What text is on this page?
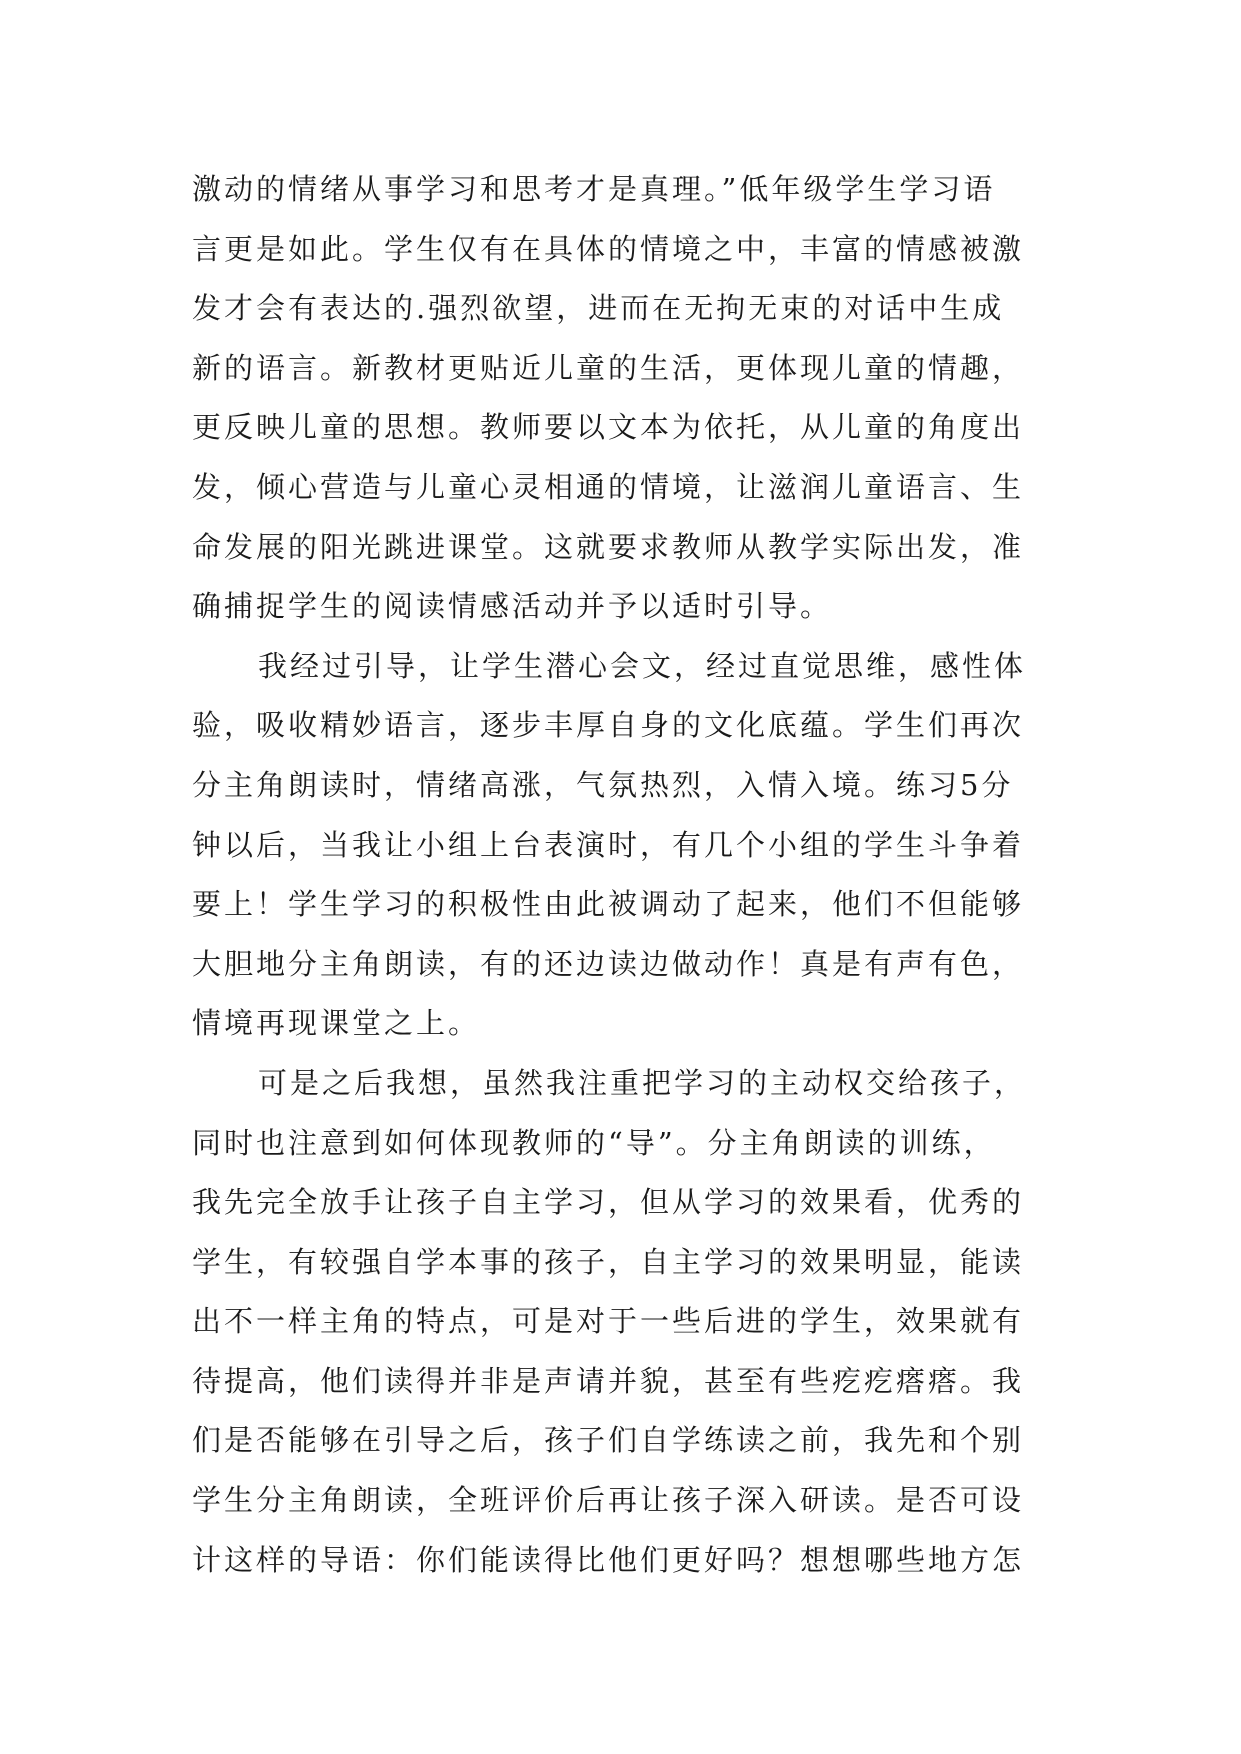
激动的情绪从事学习和思考才是真理。”低年级学生学习语
言更是如此。学生仅有在具体的情境之中，丰富的情感被激
发才会有表达的.强烈欲望，进而在无拘无束的对话中生成
新的语言。新教材更贴近儿童的生活，更体现儿童的情趣，
更反映儿童的思想。教师要以文本为依托，从儿童的角度出
发，倾心营造与儿童心灵相通的情境，让滋润儿童语言、生
命发展的阳光跳进课堂。这就要求教师从教学实际出发，准
确捕捉学生的阅读情感活动并予以适时引导。
我经过引导，让学生潜心会文，经过直觉思维，感性体
验，吸收精妙语言，逐步丰厚自身的文化底蕴。学生们再次
分主角朗读时，情绪高涨，气氛热烈，入情入境。练习5分
钟以后，当我让小组上台表演时，有几个小组的学生斗争着
要上！学生学习的积极性由此被调动了起来，他们不但能够
大胆地分主角朗读，有的还边读边做动作！真是有声有色，
情境再现课堂之上。
可是之后我想，虽然我注重把学习的主动权交给孩子，
同时也注意到如何体现教师的“导”。分主角朗读的训练，
我先完全放手让孩子自主学习，但从学习的效果看，优秀的
学生，有较强自学本事的孩子，自主学习的效果明显，能读
出不一样主角的特点，可是对于一些后进的学生，效果就有
待提高，他们读得并非是声请并貌，甚至有些疙疙瘩瘩。我
们是否能够在引导之后，孩子们自学练读之前，我先和个别
学生分主角朗读，全班评价后再让孩子深入研读。是否可设
计这样的导语：你们能读得比他们更好吗？想想哪些地方怎
